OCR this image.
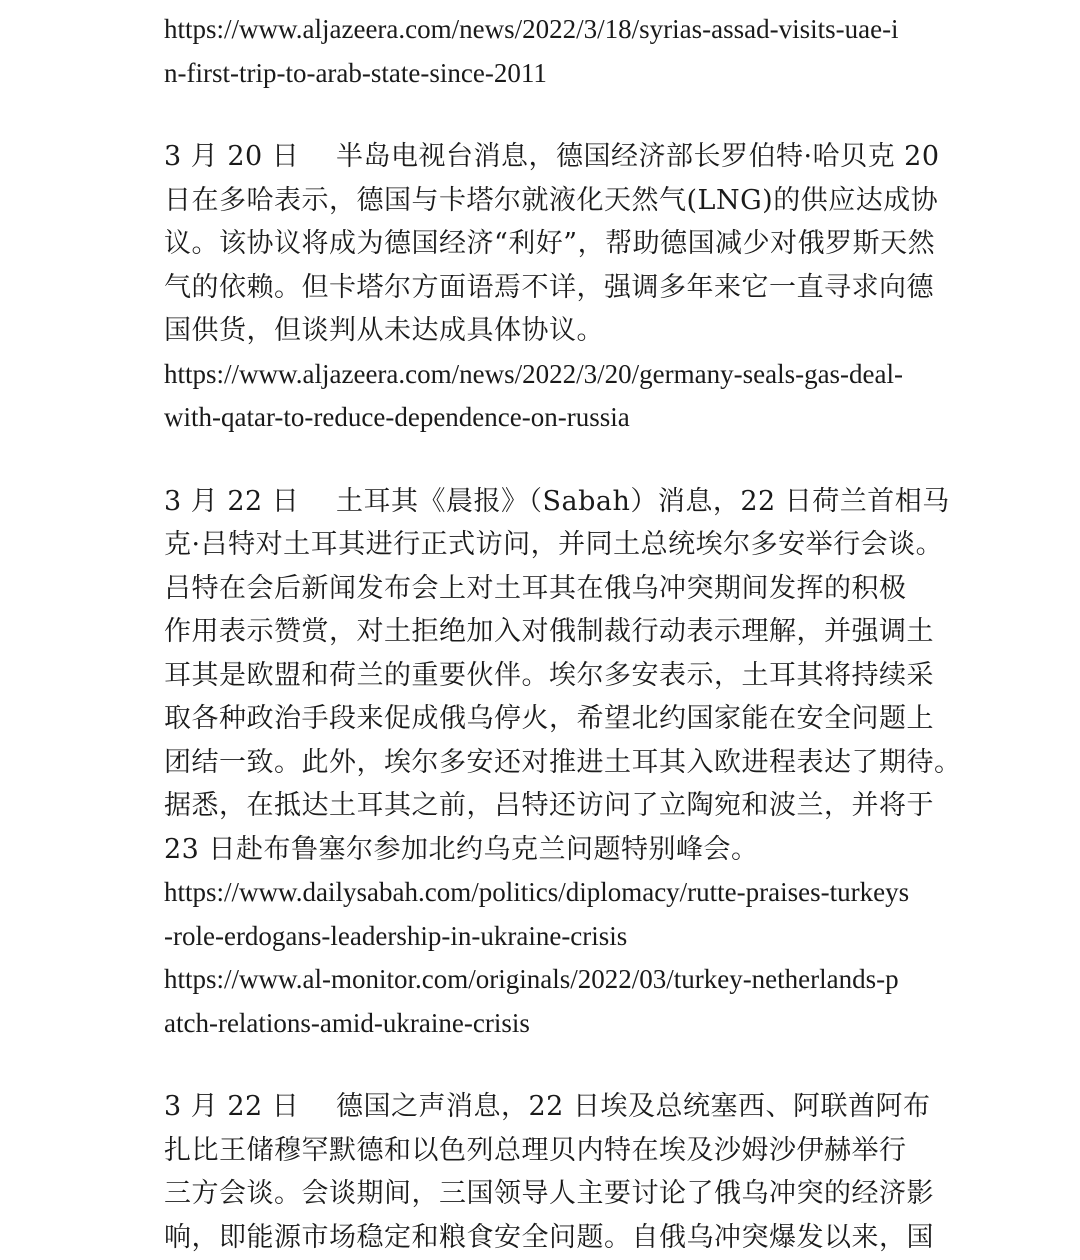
https://www.aljazeera.com/news/2022/3/18/syrias-assad-visits-uae-i
n-first-trip-to-arab-state-since-2011
3 月 20 日 半岛电视台消息，德国经济部长罗伯特·哈贝克 20
日在多哈表示，德国与卡塔尔就液化天然气(LNG)的供应达成协
议。该协议将成为德国经济“利好”，帮助德国减少对俄罗斯天然
气的依赖。但卡塔尔方面语焉不详，强调多年来它一直寻求向德
国供货，但谈判从未达成具体协议。
https://www.aljazeera.com/news/2022/3/20/germany-seals-gas-deal-
with-qatar-to-reduce-dependence-on-russia
3 月 22 日 土耳其《晨报》（Sabah）消息，22 日荷兰首相马
克·吕特对土耳其进行正式访问，并同土总统埃尔多安举行会谈。
吕特在会后新闻发布会上对土耳其在俄乌冲突期间发挥的积极
作用表示赞赏，对土拒绝加入对俄制裁行动表示理解，并强调土
耳其是欧盟和荷兰的重要伙伴。埃尔多安表示，土耳其将持续采
取各种政治手段来促成俄乌停火，希望北约国家能在安全问题上
团结一致。此外，埃尔多安还对推进土耳其入欧进程表达了期待。
据悉，在抵达土耳其之前，吕特还访问了立陶宛和波兰，并将于
23 日赴布鲁塞尔参加北约乌克兰问题特别峰会。
https://www.dailysabah.com/politics/diplomacy/rutte-praises-turkeys
-role-erdogans-leadership-in-ukraine-crisis
https://www.al-monitor.com/originals/2022/03/turkey-netherlands-p
atch-relations-amid-ukraine-crisis
3 月 22 日 德国之声消息，22 日埃及总统塞西、阿联酋阿布
扎比王储穆罕默德和以色列总理贝内特在埃及沙姆沙伊赫举行
三方会谈。会谈期间，三国领导人主要讨论了俄乌冲突的经济影
响，即能源市场稳定和粮食安全问题。自俄乌冲突爆发以来，国
